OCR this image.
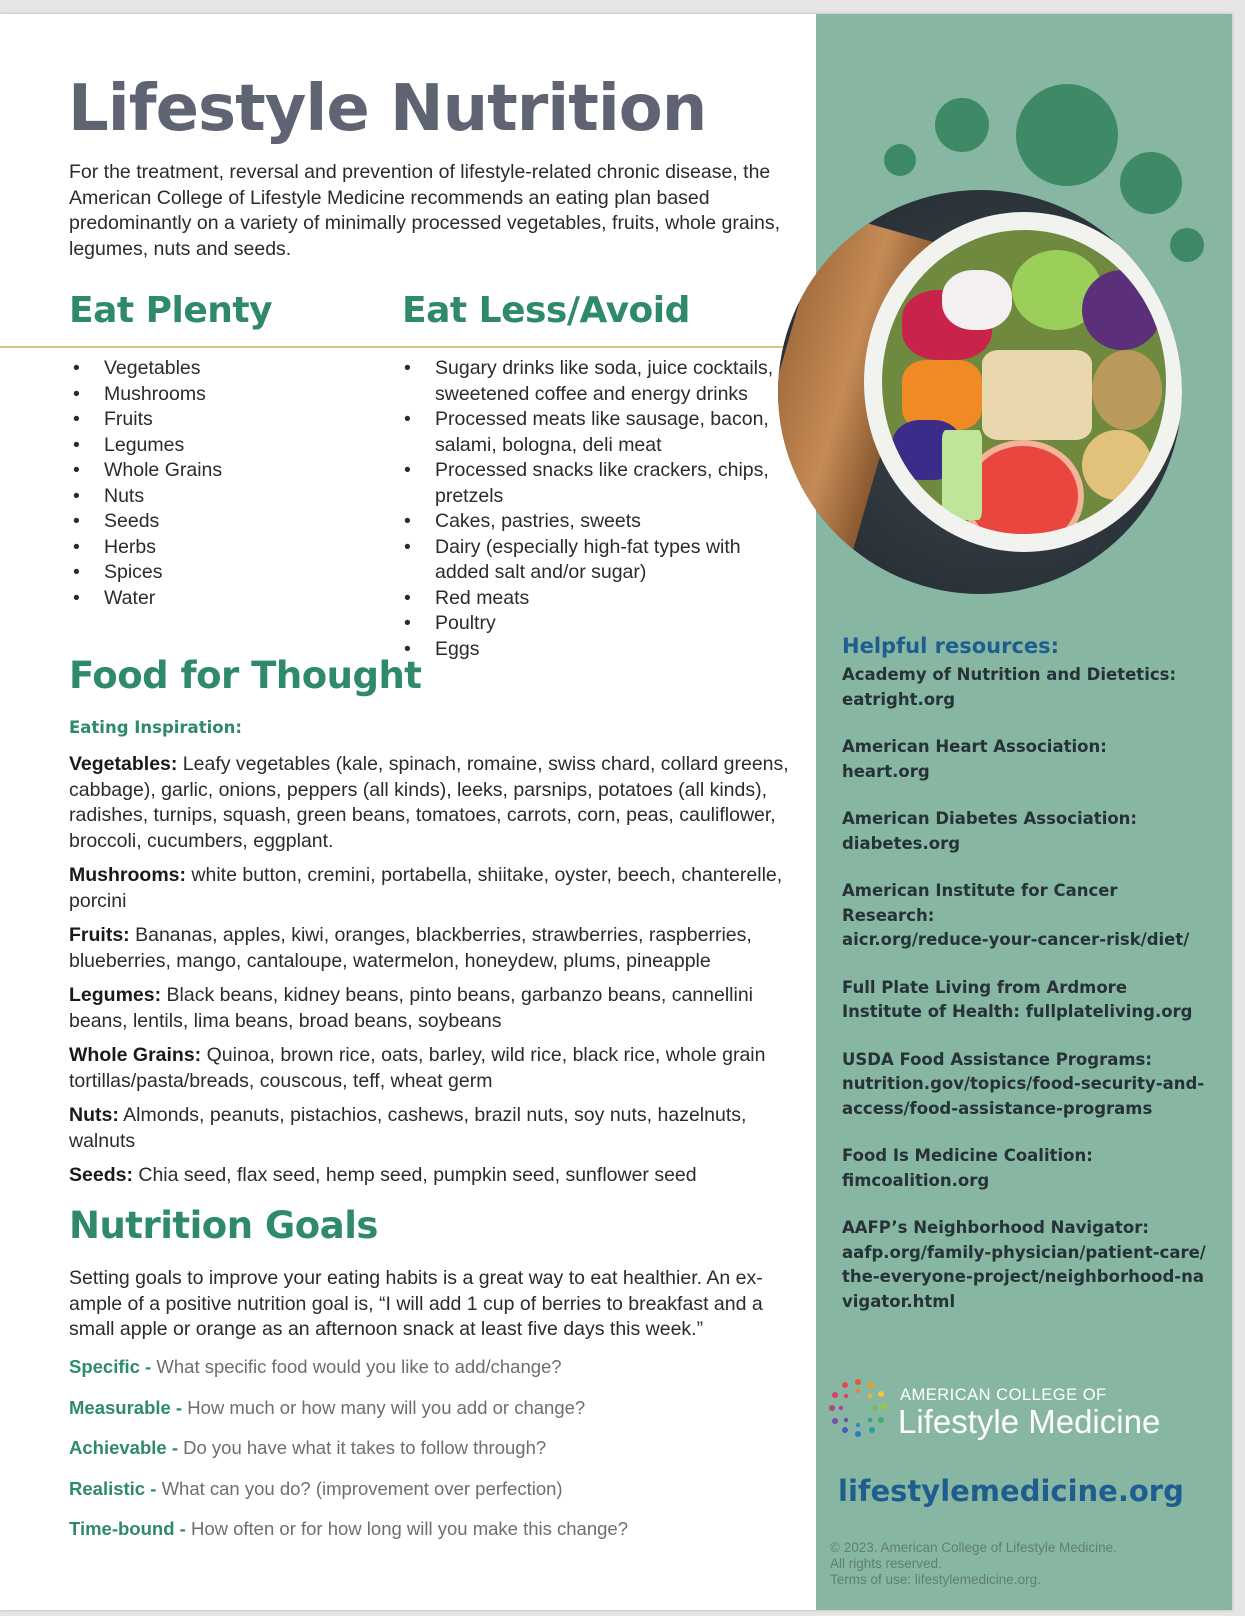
Lifestyle Nutrition

For the treatment, reversal and prevention of lifestyle-related chronic disease, the American College of Lifestyle Medicine recommends an eating plan based predominantly on a variety of minimally processed vegetables, fruits, whole grains, legumes, nuts and seeds.

Eat Plenty	Eat Less/Avoid
• Vegetables
• Mushrooms
• Fruits
• Legumes
• Whole Grains
• Nuts
• Seeds
• Herbs
• Spices
• Water
• Sugary drinks like soda, juice cocktails, sweetened coffee and energy drinks
• Processed meats like sausage, bacon, salami, bologna, deli meat
• Processed snacks like crackers, chips, pretzels
• Cakes, pastries, sweets
• Dairy (especially high-fat types with added salt and/or sugar)
• Red meats
• Poultry
• Eggs
Food for Thought
Eating Inspiration:

Vegetables: Leafy vegetables (kale, spinach, romaine, swiss chard, collard greens, cabbage), garlic, onions, peppers (all kinds), leeks, parsnips, potatoes (all kinds), radishes, turnips, squash, green beans, tomatoes, carrots, corn, peas, cauliflower, broccoli, cucumbers, eggplant.

Mushrooms: white button, cremini, portabella, shiitake, oyster, beech, chanterelle, porcini

Fruits: Bananas, apples, kiwi, oranges, blackberries, strawberries, raspberries, blueberries, mango, cantaloupe, watermelon, honeydew, plums, pineapple

Legumes: Black beans, kidney beans, pinto beans, garbanzo beans, cannellini beans, lentils, lima beans, broad beans, soybeans

Whole Grains: Quinoa, brown rice, oats, barley, wild rice, black rice, whole grain tortillas/pasta/breads, couscous, teff, wheat germ

Nuts: Almonds, peanuts, pistachios, cashews, brazil nuts, soy nuts, hazelnuts, walnuts

Seeds: Chia seed, flax seed, hemp seed, pumpkin seed, sunflower seed

Nutrition Goals

Setting goals to improve your eating habits is a great way to eat healthier. An ex-ample of a positive nutrition goal is, “I will add 1 cup of berries to breakfast and a small apple or orange as an afternoon snack at least five days this week.”

Specific - What specific food would you like to add/change?
Measurable - How much or how many will you add or change?
Achievable - Do you have what it takes to follow through?
Realistic - What can you do? (improvement over perfection)
Time-bound - How often or for how long will you make this change?
Helpful resources:
Academy of Nutrition and Dietetics:
eatright.org
American Heart Association:
heart.org
American Diabetes Association:
diabetes.org
American Institute for Cancer Research:
aicr.org/reduce-your-cancer-risk/diet/
Full Plate Living from Ardmore Institute of Health: fullplateliving.org
USDA Food Assistance Programs:
nutrition.gov/topics/food-security-and-access/food-assistance-programs
Food Is Medicine Coalition:
fimcoalition.org
AAFP’s Neighborhood Navigator:
aafp.org/family-physician/patient-care/the-everyone-project/neighborhood-navigator.html

AMERICAN COLLEGE OF

Lifestyle Medicine

lifestylemedicine.org

© 2023. American College of Lifestyle Medicine.
All rights reserved.
Terms of use: lifestylemedicine.org.
